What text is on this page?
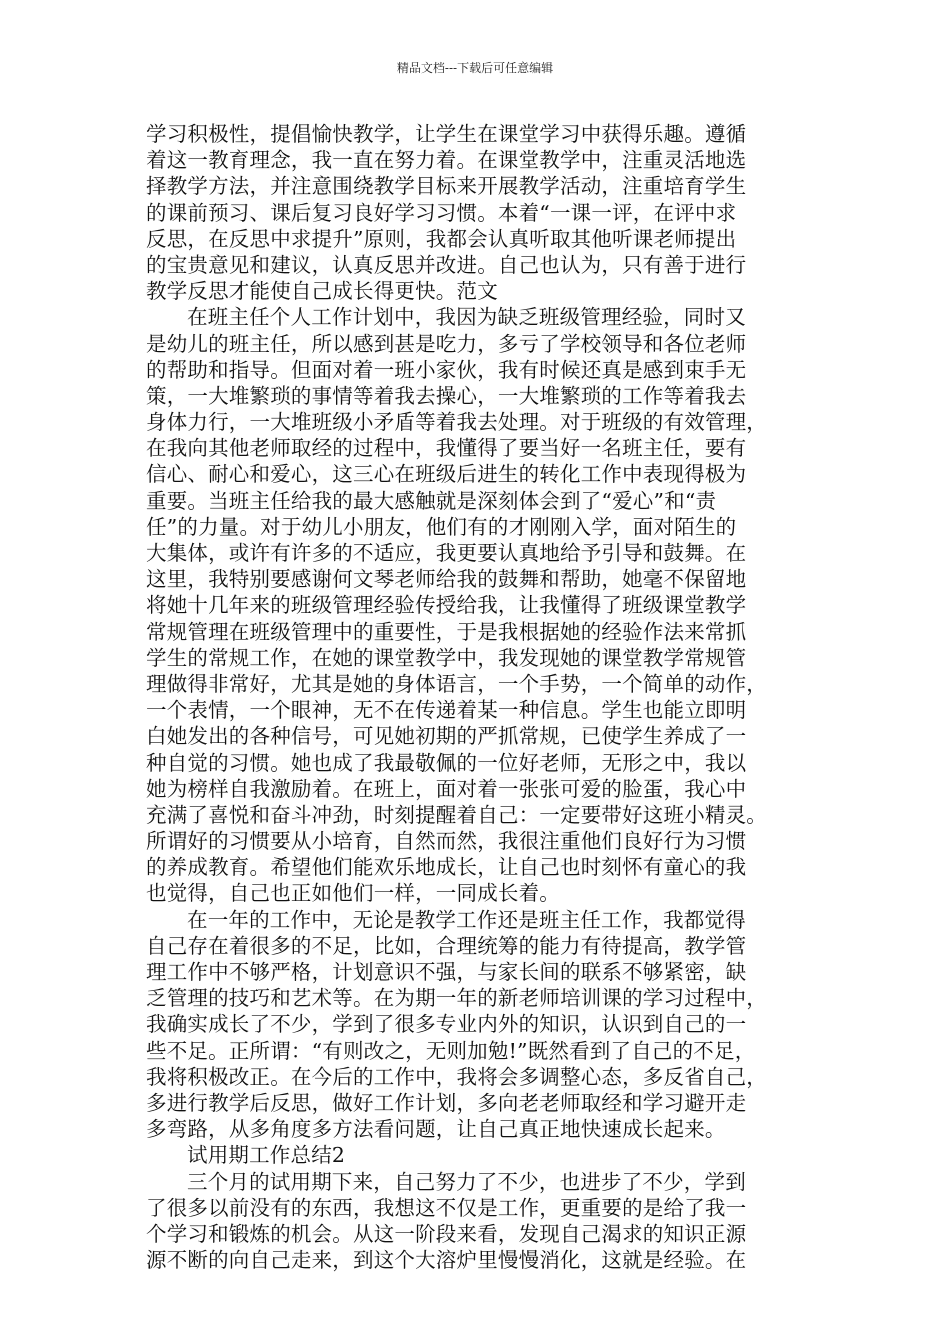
精品文档---下载后可任意编辑
学习积极性，提倡愉快教学，让学生在课堂学习中获得乐趣。遵循
着这一教育理念，我一直在努力着。在课堂教学中，注重灵活地选
择教学方法，并注意围绕教学目标来开展教学活动，注重培育学生
的课前预习、课后复习良好学习习惯。本着“一课一评，在评中求
反思，在反思中求提升”原则，我都会认真听取其他听课老师提出
的宝贵意见和建议，认真反思并改进。自己也认为，只有善于进行
教学反思才能使自己成长得更快。范文
在班主任个人工作计划中，我因为缺乏班级管理经验，同时又
是幼儿的班主任，所以感到甚是吃力，多亏了学校领导和各位老师
的帮助和指导。但面对着一班小家伙，我有时候还真是感到束手无
策，一大堆繁琐的事情等着我去操心，一大堆繁琐的工作等着我去
身体力行，一大堆班级小矛盾等着我去处理。对于班级的有效管理，
在我向其他老师取经的过程中，我懂得了要当好一名班主任，要有
信心、耐心和爱心，这三心在班级后进生的转化工作中表现得极为
重要。当班主任给我的最大感触就是深刻体会到了“爱心”和“责
任”的力量。对于幼儿小朋友，他们有的才刚刚入学，面对陌生的
大集体，或许有许多的不适应，我更要认真地给予引导和鼓舞。在
这里，我特别要感谢何文琴老师给我的鼓舞和帮助，她毫不保留地
将她十几年来的班级管理经验传授给我，让我懂得了班级课堂教学
常规管理在班级管理中的重要性，于是我根据她的经验作法来常抓
学生的常规工作，在她的课堂教学中，我发现她的课堂教学常规管
理做得非常好，尤其是她的身体语言，一个手势，一个简单的动作，
一个表情，一个眼神，无不在传递着某一种信息。学生也能立即明
白她发出的各种信号，可见她初期的严抓常规，已使学生养成了一
种自觉的习惯。她也成了我最敬佩的一位好老师，无形之中，我以
她为榜样自我激励着。在班上，面对着一张张可爱的脸蛋，我心中
充满了喜悦和奋斗冲劲，时刻提醒着自己：一定要带好这班小精灵。
所谓好的习惯要从小培育，自然而然，我很注重他们良好行为习惯
的养成教育。希望他们能欢乐地成长，让自己也时刻怀有童心的我
也觉得，自己也正如他们一样，一同成长着。
在一年的工作中，无论是教学工作还是班主任工作，我都觉得
自己存在着很多的不足，比如，合理统筹的能力有待提高，教学管
理工作中不够严格，计划意识不强，与家长间的联系不够紧密，缺
乏管理的技巧和艺术等。在为期一年的新老师培训课的学习过程中，
我确实成长了不少，学到了很多专业内外的知识，认识到自己的一
些不足。正所谓：“有则改之，无则加勉!”既然看到了自己的不足，
我将积极改正。在今后的工作中，我将会多调整心态，多反省自己，
多进行教学后反思，做好工作计划，多向老老师取经和学习避开走
多弯路，从多角度多方法看问题，让自己真正地快速成长起来。
试用期工作总结2
三个月的试用期下来，自己努力了不少，也进步了不少，学到
了很多以前没有的东西，我想这不仅是工作，更重要的是给了我一
个学习和锻炼的机会。从这一阶段来看，发现自己渴求的知识正源
源不断的向自己走来，到这个大溶炉里慢慢消化，这就是经验。在
